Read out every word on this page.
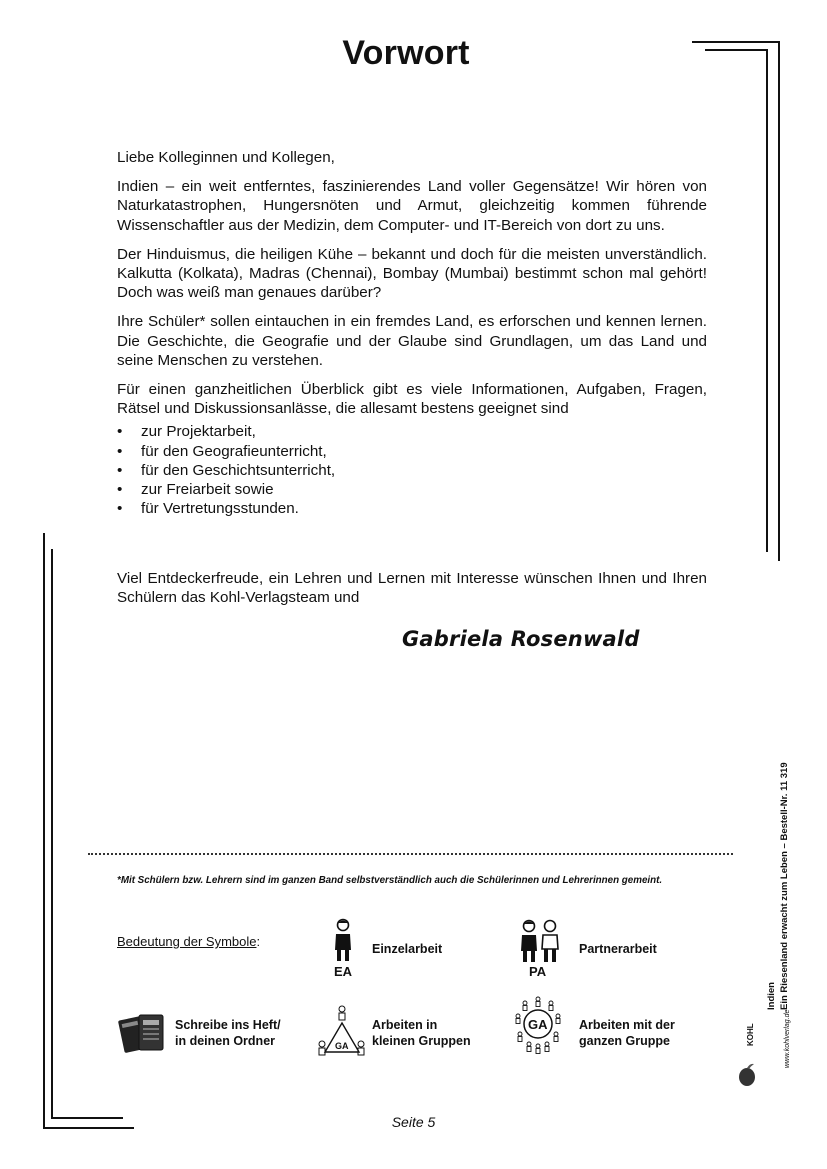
Vorwort

Liebe Kolleginnen und Kollegen,

Indien – ein weit entferntes, faszinierendes Land voller Gegensätze! Wir hören von Naturkatastrophen, Hungersnöten und Armut, gleichzeitig kommen führende Wissenschaftler aus der Medizin, dem Computer- und IT-Bereich von dort zu uns.

Der Hinduismus, die heiligen Kühe – bekannt und doch für die meisten unverständlich. Kalkutta (Kolkata), Madras (Chennai), Bombay (Mumbai) bestimmt schon mal gehört! Doch was weiß man genaues darüber?

Ihre Schüler* sollen eintauchen in ein fremdes Land, es erforschen und kennen lernen. Die Geschichte, die Geografie und der Glaube sind Grundlagen, um das Land und seine Menschen zu verstehen.

Für einen ganzheitlichen Überblick gibt es viele Informationen, Aufgaben, Fragen, Rätsel und Diskussionsanlässe, die allesamt bestens geeignet sind

• zur Projektarbeit,
• für den Geografieunterricht,
• für den Geschichtsunterricht,
• zur Freiarbeit sowie
• für Vertretungsstunden.

Viel Entdeckerfreude, ein Lehren und Lernen mit Interesse wünschen Ihnen und Ihren Schülern das Kohl-Verlagsteam und

Gabriela Rosenwald
*Mit Schülern bzw. Lehrern sind im ganzen Band selbstverständlich auch die Schülerinnen und Lehrerinnen gemeint.
Bedeutung der Symbole:
EA
Einzelarbeit
PA
Partnerarbeit
Schreibe ins Heft/
in deinen Ordner	GA
Arbeiten in
kleinen Gruppen
GA	Arbeiten mit der
ganzen Gruppe
Indien Ein Riesenland erwacht zum Leben – Bestell-Nr. 11 319
KOHL	www.kohlverlag.de
Seite 5
